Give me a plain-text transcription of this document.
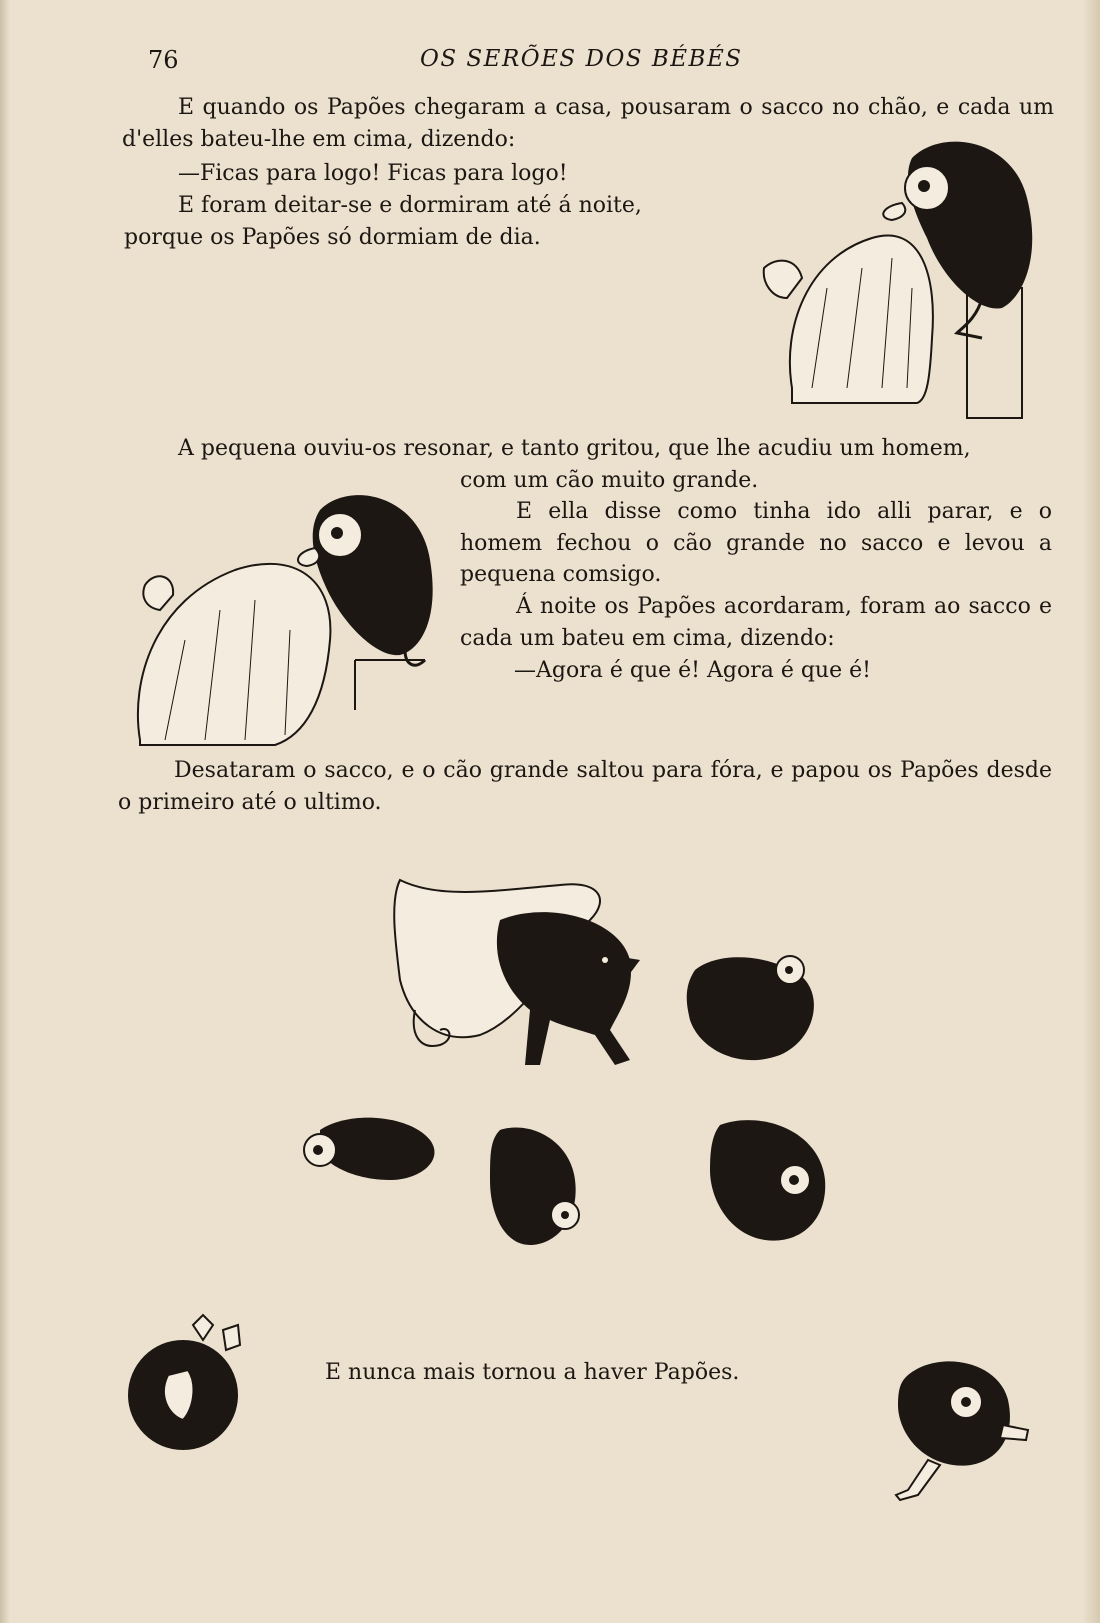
76	OS SERÕES DOS BÉBÉS

E quando os Papões chegaram a casa, pousaram o sacco no chão, e cada um d'elles bateu-lhe em cima, dizendo:

—Ficas para logo! Ficas para logo!

E foram deitar-se e dormiram até á noite,

porque os Papões só dormiam de dia.

A pequena ouviu-os resonar, e tanto gritou, que lhe acudiu um homem,

com um cão muito grande.

E ella disse como tinha ido alli parar, e o homem fechou o cão grande no sacco e levou a pequena comsigo.

Á noite os Papões acordaram, foram ao sacco e cada um bateu em cima, dizendo:

—Agora é que é! Agora é que é!

Desataram o sacco, e o cão grande saltou para fóra, e papou os Papões desde o primeiro até o ultimo.

E nunca mais tornou a haver Papões.
